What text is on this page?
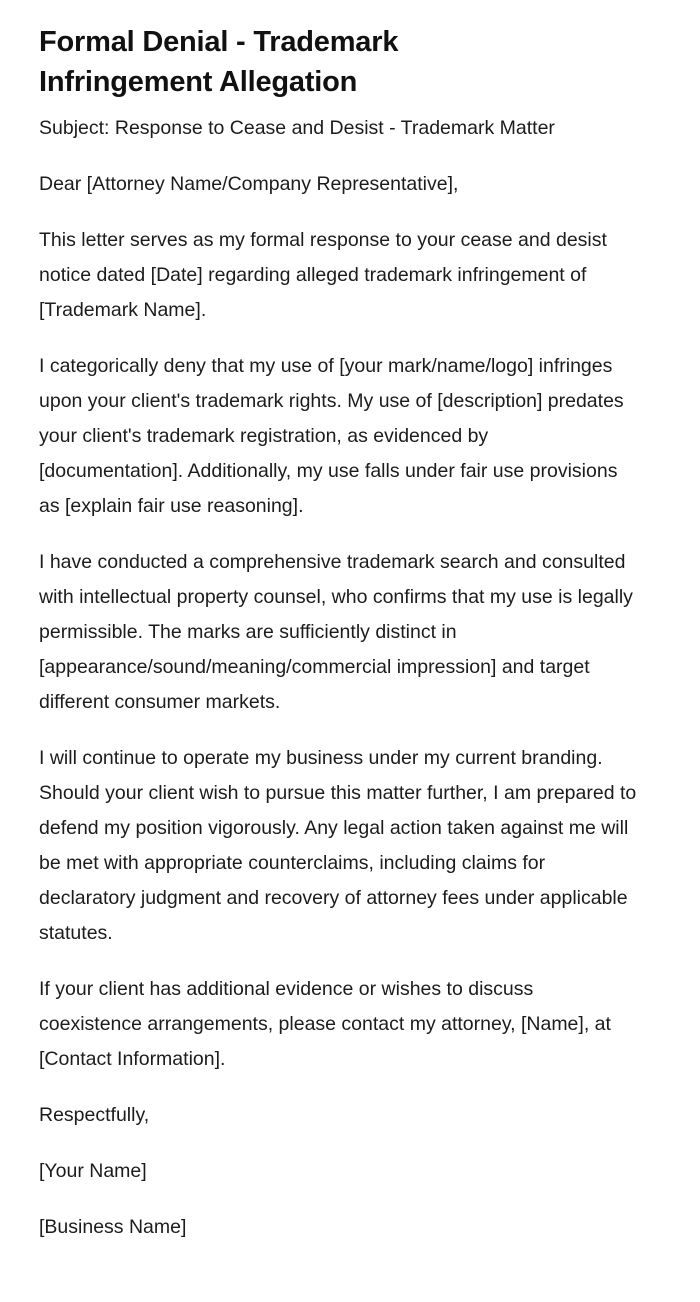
Formal Denial - Trademark Infringement Allegation

Subject: Response to Cease and Desist - Trademark Matter

Dear [Attorney Name/Company Representative],

This letter serves as my formal response to your cease and desist notice dated [Date] regarding alleged trademark infringement of [Trademark Name].

I categorically deny that my use of [your mark/name/logo] infringes upon your client's trademark rights. My use of [description] predates your client's trademark registration, as evidenced by [documentation]. Additionally, my use falls under fair use provisions as [explain fair use reasoning].

I have conducted a comprehensive trademark search and consulted with intellectual property counsel, who confirms that my use is legally permissible. The marks are sufficiently distinct in [appearance/sound/meaning/commercial impression] and target different consumer markets.

I will continue to operate my business under my current branding. Should your client wish to pursue this matter further, I am prepared to defend my position vigorously. Any legal action taken against me will be met with appropriate counterclaims, including claims for declaratory judgment and recovery of attorney fees under applicable statutes.

If your client has additional evidence or wishes to discuss coexistence arrangements, please contact my attorney, [Name], at [Contact Information].

Respectfully,

[Your Name]

[Business Name]
